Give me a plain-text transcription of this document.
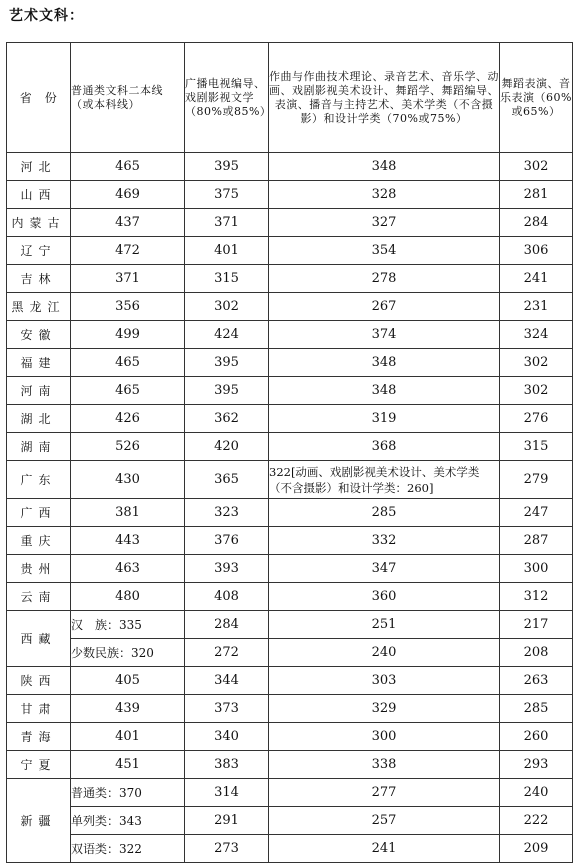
艺术文科：
省　份	普通类文科二本线（或本科线）	广播电视编导、戏剧影视文学（80%或85%）	作曲与作曲技术理论、录音艺术、音乐学、动画、戏剧影视美术设计、舞蹈学、舞蹈编导、表演、播音与主持艺术、美术学类（不含摄影）和设计学类（70%或75%）	舞蹈表演、音乐表演（60%或65%）
河北	465	395	348	302
山西	469	375	328	281
内蒙古	437	371	327	284
辽宁	472	401	354	306
吉林	371	315	278	241
黑龙江	356	302	267	231
安徽	499	424	374	324
福建	465	395	348	302
河南	465	395	348	302
湖北	426	362	319	276
湖南	526	420	368	315
广东	430	365	322[动画、戏剧影视美术设计、美术学类（不含摄影）和设计学类：260]	279
广西	381	323	285	247
重庆	443	376	332	287
贵州	463	393	347	300
云南	480	408	360	312
西藏	汉　族：335	284	251	217
	少数民族：320	272	240	208
陕西	405	344	303	263
甘肃	439	373	329	285
青海	401	340	300	260
宁夏	451	383	338	293
新疆	普通类：370	314	277	240
	单列类：343	291	257	222
	双语类：322	273	241	209
